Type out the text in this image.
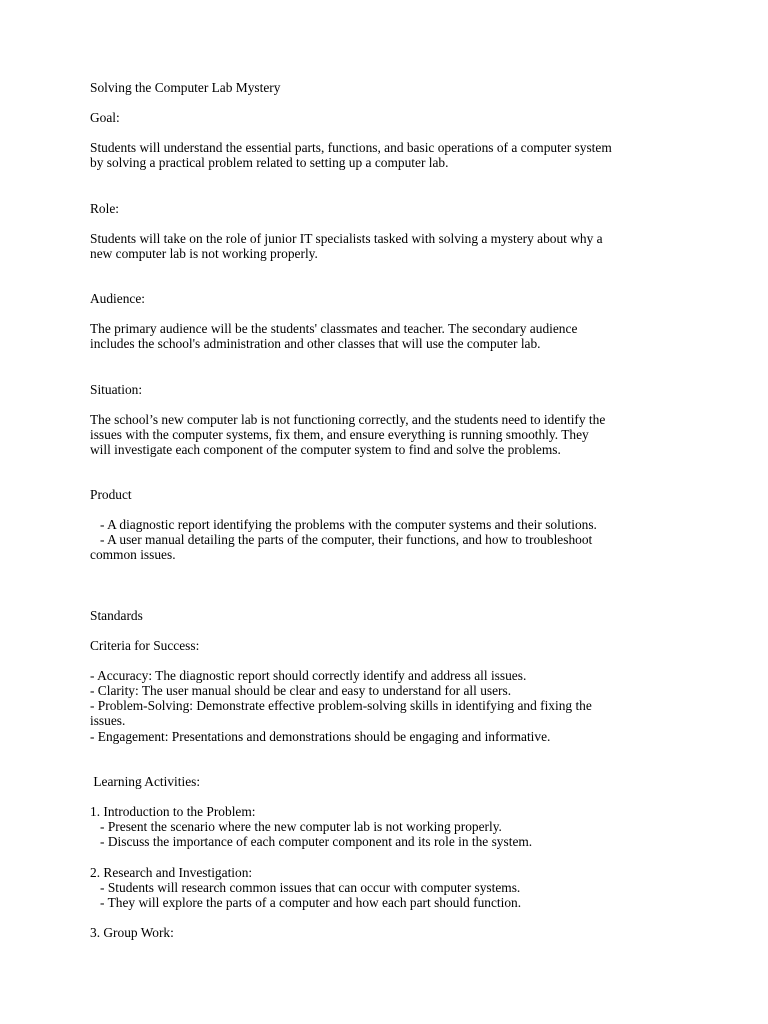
Solving the Computer Lab Mystery

Goal:

Students will understand the essential parts, functions, and basic operations of a computer system

by solving a practical problem related to setting up a computer lab.

Role:

Students will take on the role of junior IT specialists tasked with solving a mystery about why a

new computer lab is not working properly.

Audience:

The primary audience will be the students' classmates and teacher. The secondary audience

includes the school's administration and other classes that will use the computer lab.

Situation:

The school’s new computer lab is not functioning correctly, and the students need to identify the

issues with the computer systems, fix them, and ensure everything is running smoothly. They

will investigate each component of the computer system to find and solve the problems.

Product

- A diagnostic report identifying the problems with the computer systems and their solutions.

- A user manual detailing the parts of the computer, their functions, and how to troubleshoot

common issues.

Standards

Criteria for Success:

- Accuracy: The diagnostic report should correctly identify and address all issues.

- Clarity: The user manual should be clear and easy to understand for all users.

- Problem-Solving: Demonstrate effective problem-solving skills in identifying and fixing the

issues.

- Engagement: Presentations and demonstrations should be engaging and informative.

Learning Activities:

1. Introduction to the Problem:

- Present the scenario where the new computer lab is not working properly.

- Discuss the importance of each computer component and its role in the system.

2. Research and Investigation:

- Students will research common issues that can occur with computer systems.

- They will explore the parts of a computer and how each part should function.

3. Group Work:
